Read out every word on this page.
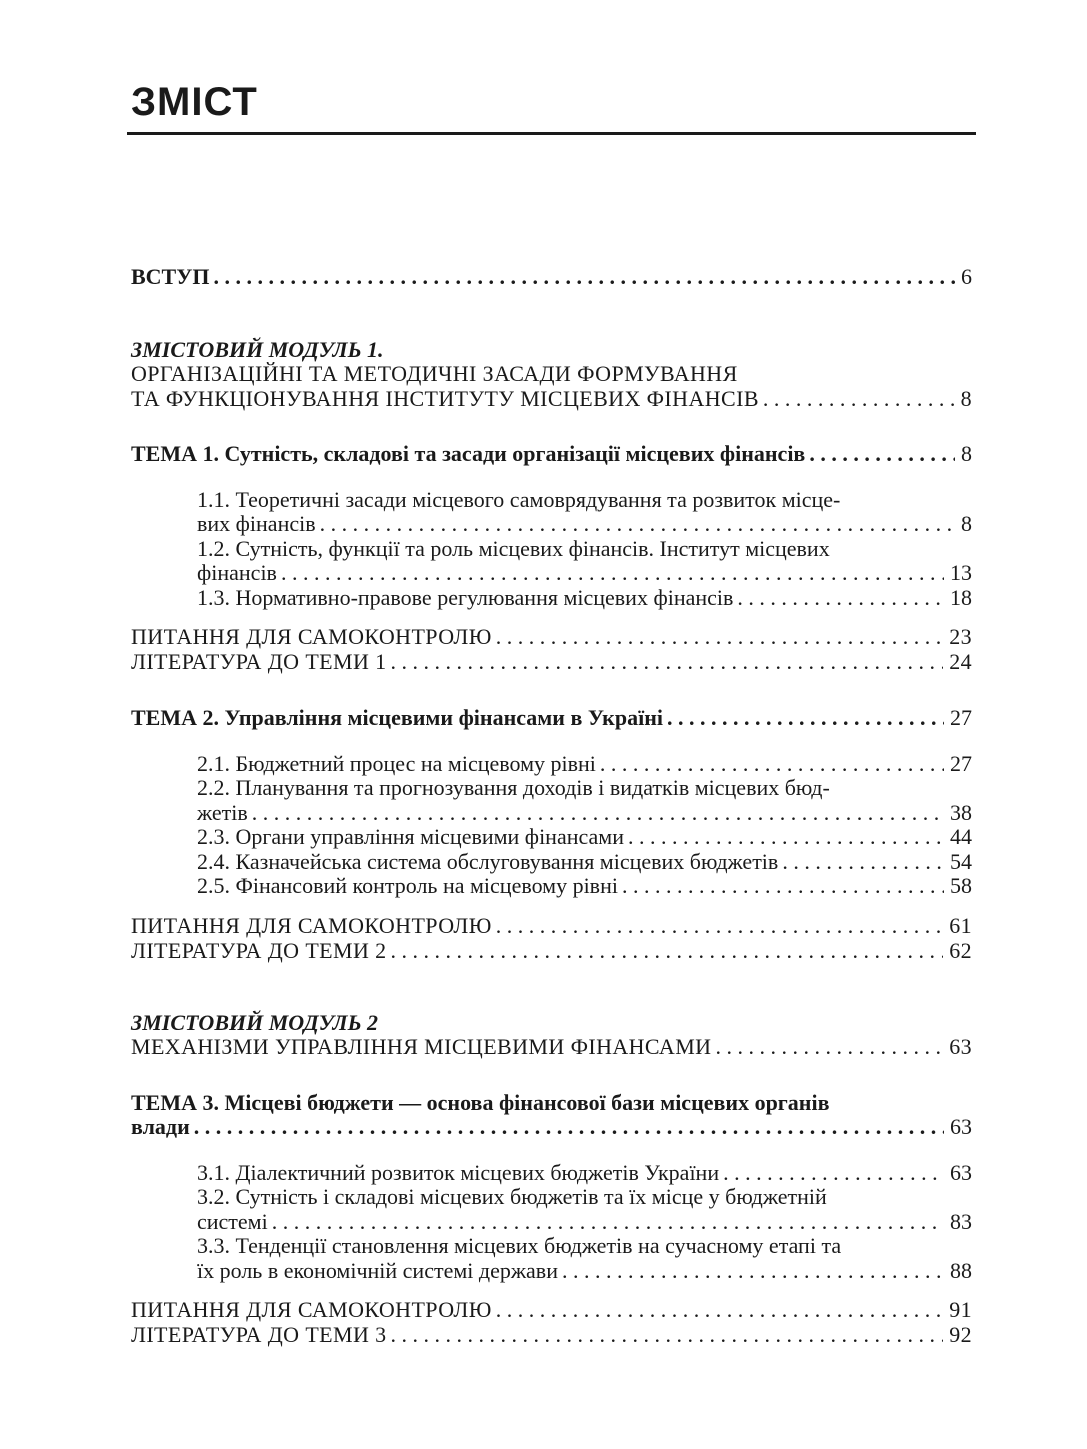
ЗМІСТ
ВСТУП . . .	6
ЗМІСТОВИЙ МОДУЛЬ 1.
ОРГАНІЗАЦІЙНІ ТА МЕТОДИЧНІ ЗАСАДИ ФОРМУВАННЯ
ТА ФУНКЦІОНУВАННЯ ІНСТИТУТУ МІСЦЕВИХ ФІНАНСІВ . . .	8
ТЕМА 1. Сутність, складові та засади організації місцевих фінансів . . .	8
1.1. Теоретичні засади місцевого самоврядування та розвиток місце-
вих фінансів . . .	8
1.2. Сутність, функції та роль місцевих фінансів. Інститут місцевих
фінансів . . .	13
1.3. Нормативно-правове регулювання місцевих фінансів . . .	18
ПИТАННЯ ДЛЯ САМОКОНТРОЛЮ . . .	23
ЛІТЕРАТУРА ДО ТЕМИ 1 . . .	24
ТЕМА 2. Управління місцевими фінансами в Україні . . .	27
2.1. Бюджетний процес на місцевому рівні . . .	27
2.2. Планування та прогнозування доходів і видатків місцевих бюд-
жетів . . .	38
2.3. Органи управління місцевими фінансами . . .	44
2.4. Казначейська система обслуговування місцевих бюджетів . . .	54
2.5. Фінансовий контроль на місцевому рівні . . .	58
ПИТАННЯ ДЛЯ САМОКОНТРОЛЮ . . .	61
ЛІТЕРАТУРА ДО ТЕМИ 2 . . .	62
ЗМІСТОВИЙ МОДУЛЬ 2
МЕХАНІЗМИ УПРАВЛІННЯ МІСЦЕВИМИ ФІНАНСАМИ . . .	63
ТЕМА 3. Місцеві бюджети — основа фінансової бази місцевих органів
влади . . .	63
3.1. Діалектичний розвиток місцевих бюджетів України . . .	63
3.2. Сутність і складові місцевих бюджетів та їх місце у бюджетній
системі . . .	83
3.3. Тенденції становлення місцевих бюджетів на сучасному етапі та
їх роль в економічній системі держави . . .	88
ПИТАННЯ ДЛЯ САМОКОНТРОЛЮ . . .	91
ЛІТЕРАТУРА ДО ТЕМИ 3 . . .	92
